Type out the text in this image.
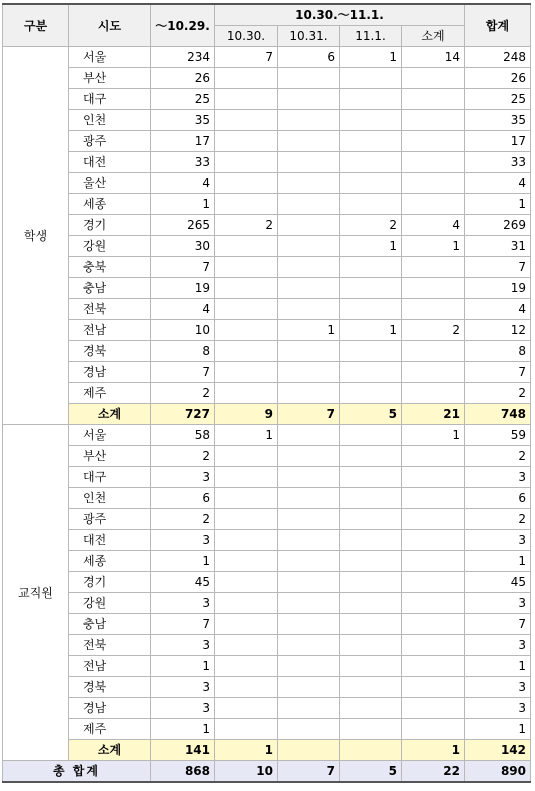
구분	시도	～10.29.	10.30.～11.1.				합계
			10.30.	10.31.	11.1.	소계	
학생	서울	234	7	6	1	14	248
	부산	26					26
	대구	25					25
	인천	35					35
	광주	17					17
	대전	33					33
	울산	4					4
	세종	1					1
	경기	265	2		2	4	269
	강원	30			1	1	31
	충북	7					7
	충남	19					19
	전북	4					4
	전남	10		1	1	2	12
	경북	8					8
	경남	7					7
	제주	2					2
	소계	727	9	7	5	21	748
교직원	서울	58	1			1	59
	부산	2					2
	대구	3					3
	인천	6					6
	광주	2					2
	대전	3					3
	세종	1					1
	경기	45					45
	강원	3					3
	충남	7					7
	전북	3					3
	전남	1					1
	경북	3					3
	경남	3					3
	제주	1					1
	소계	141	1			1	142
총 합계		868	10	7	5	22	890
